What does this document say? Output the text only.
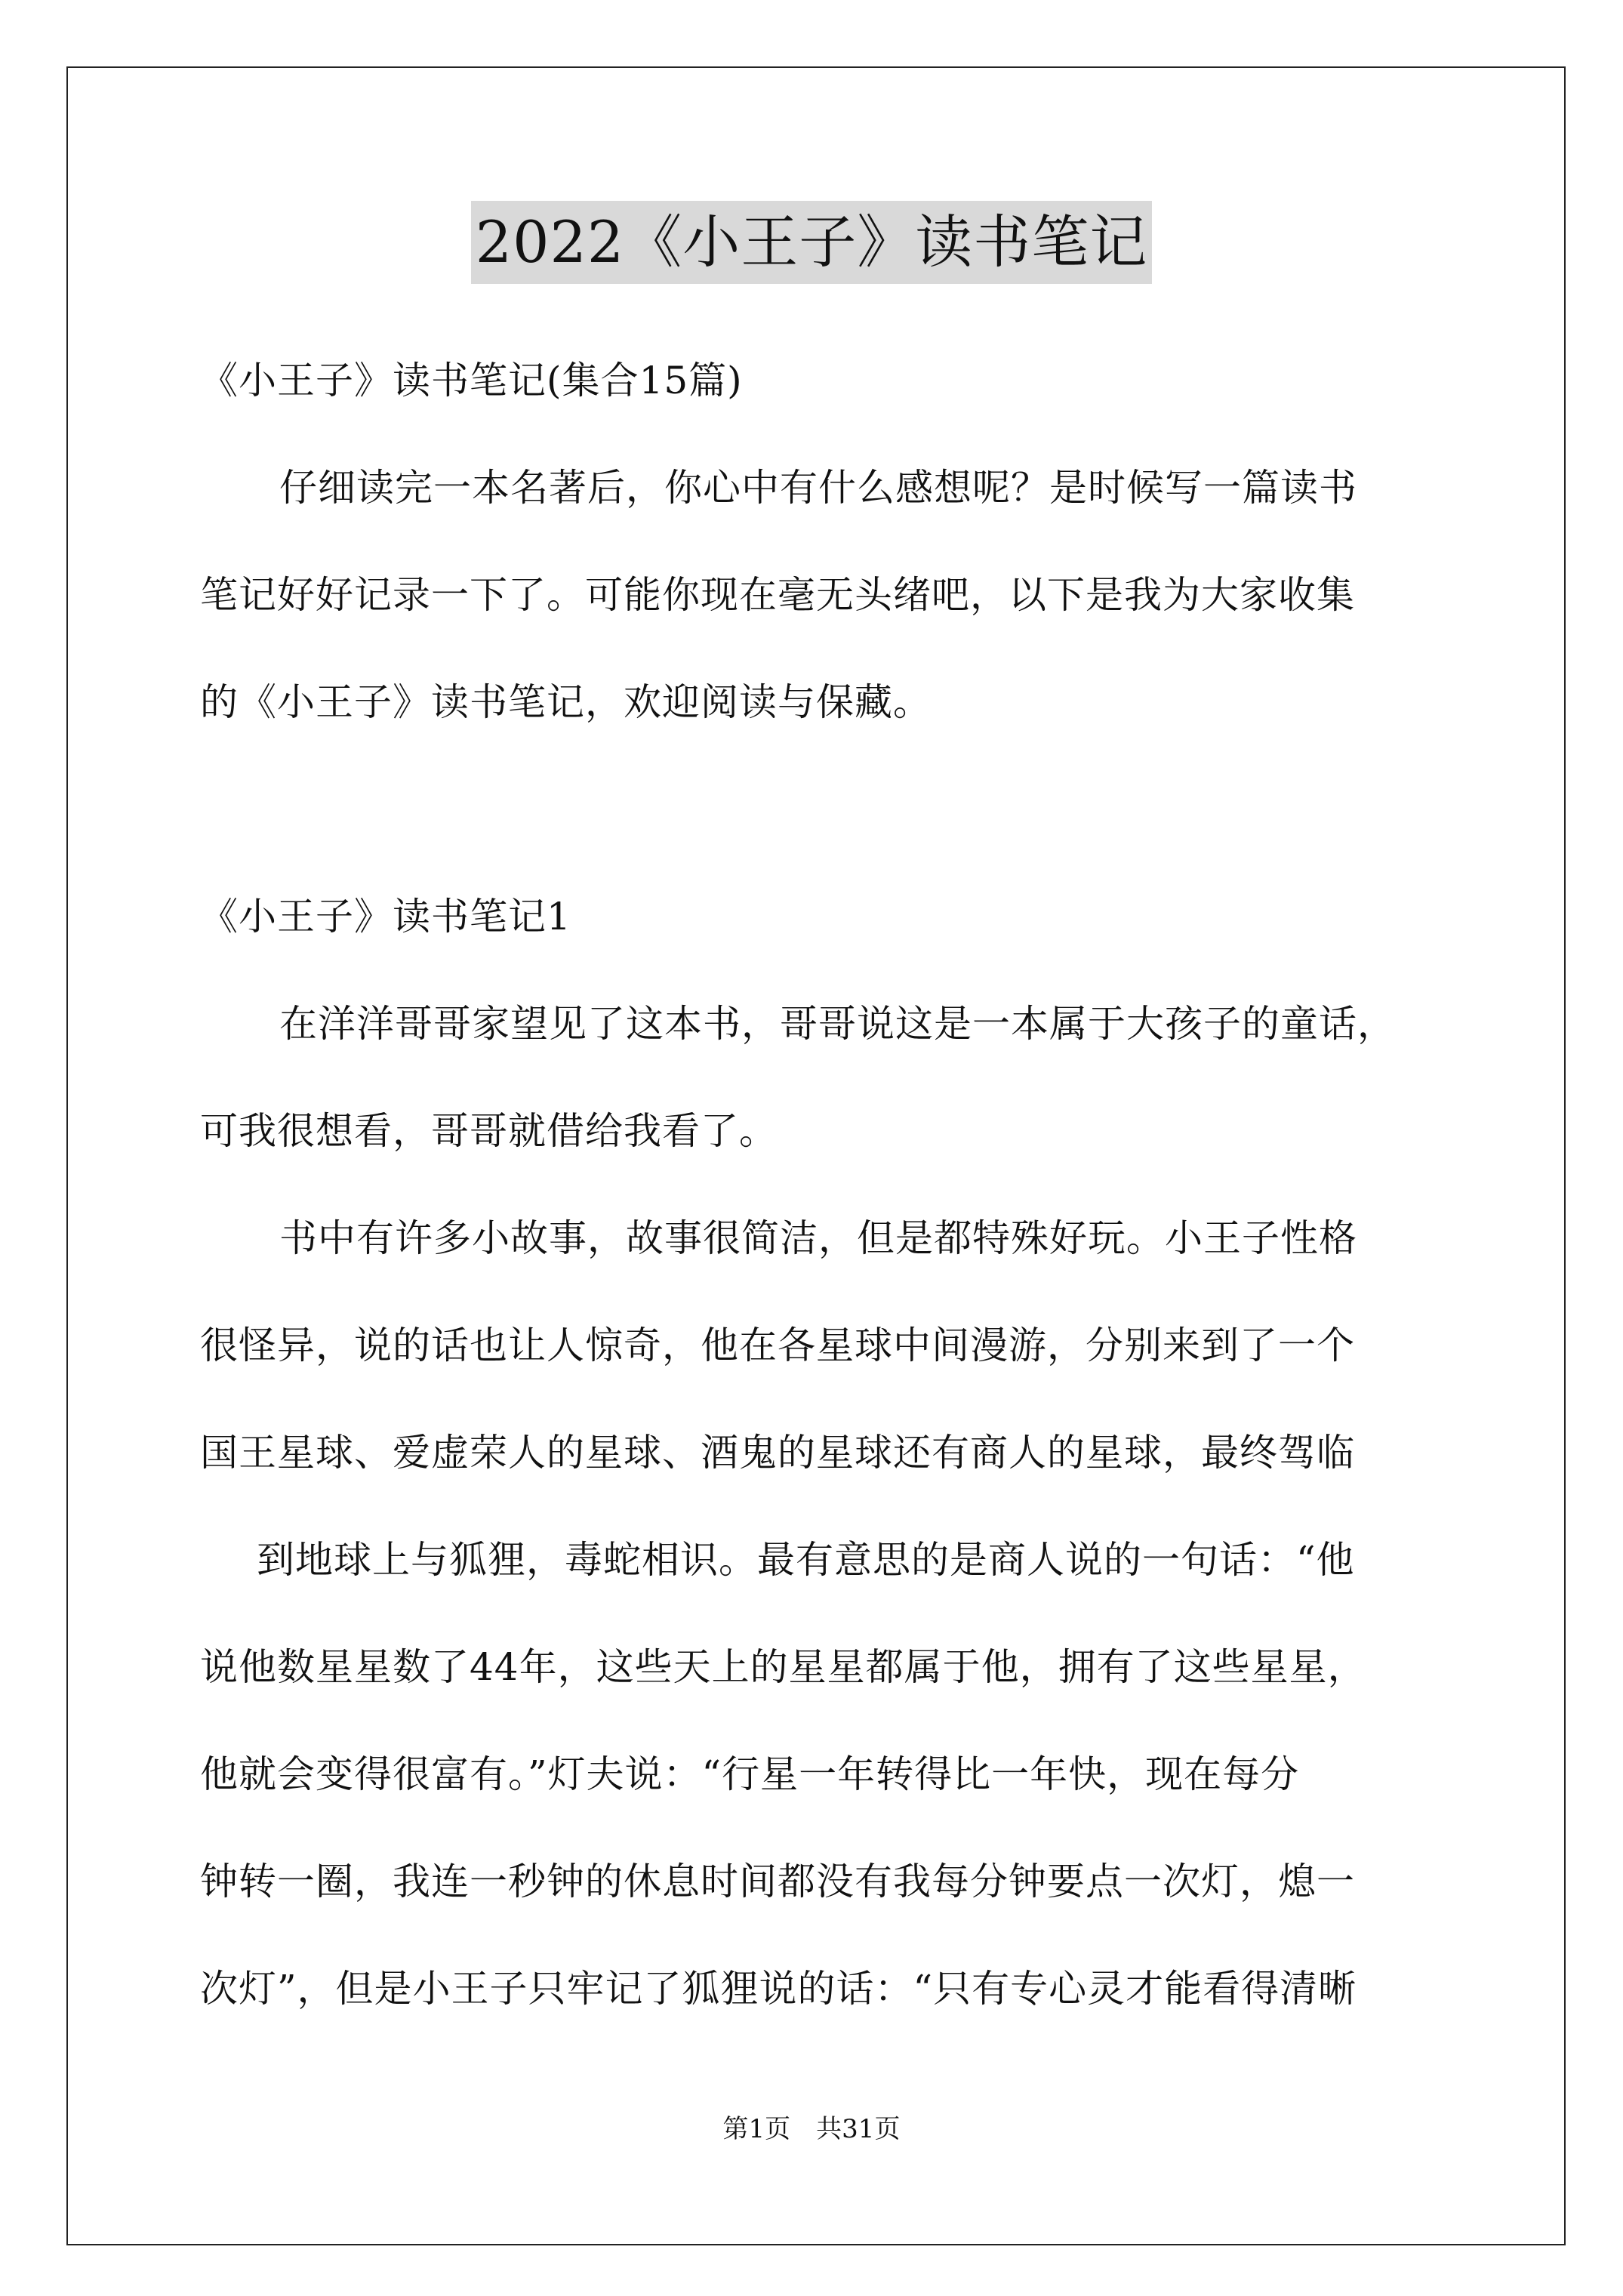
2022《小王子》读书笔记
《小王子》读书笔记(集合15篇)
仔细读完一本名著后，你心中有什么感想呢？是时候写一篇读书
笔记好好记录一下了。可能你现在毫无头绪吧，以下是我为大家收集
的《小王子》读书笔记，欢迎阅读与保藏。
《小王子》读书笔记1
在洋洋哥哥家望见了这本书，哥哥说这是一本属于大孩子的童话，
可我很想看，哥哥就借给我看了。
书中有许多小故事，故事很简洁，但是都特殊好玩。小王子性格
很怪异，说的话也让人惊奇，他在各星球中间漫游，分别来到了一个
国王星球、爱虚荣人的星球、酒鬼的星球还有商人的星球，最终驾临
到地球上与狐狸，毒蛇相识。最有意思的是商人说的一句话：“他
说他数星星数了44年，这些天上的星星都属于他，拥有了这些星星，
他就会变得很富有。”灯夫说：“行星一年转得比一年快，现在每分
钟转一圈，我连一秒钟的休息时间都没有我每分钟要点一次灯，熄一
次灯”，但是小王子只牢记了狐狸说的话：“只有专心灵才能看得清晰
第1页　共31页
